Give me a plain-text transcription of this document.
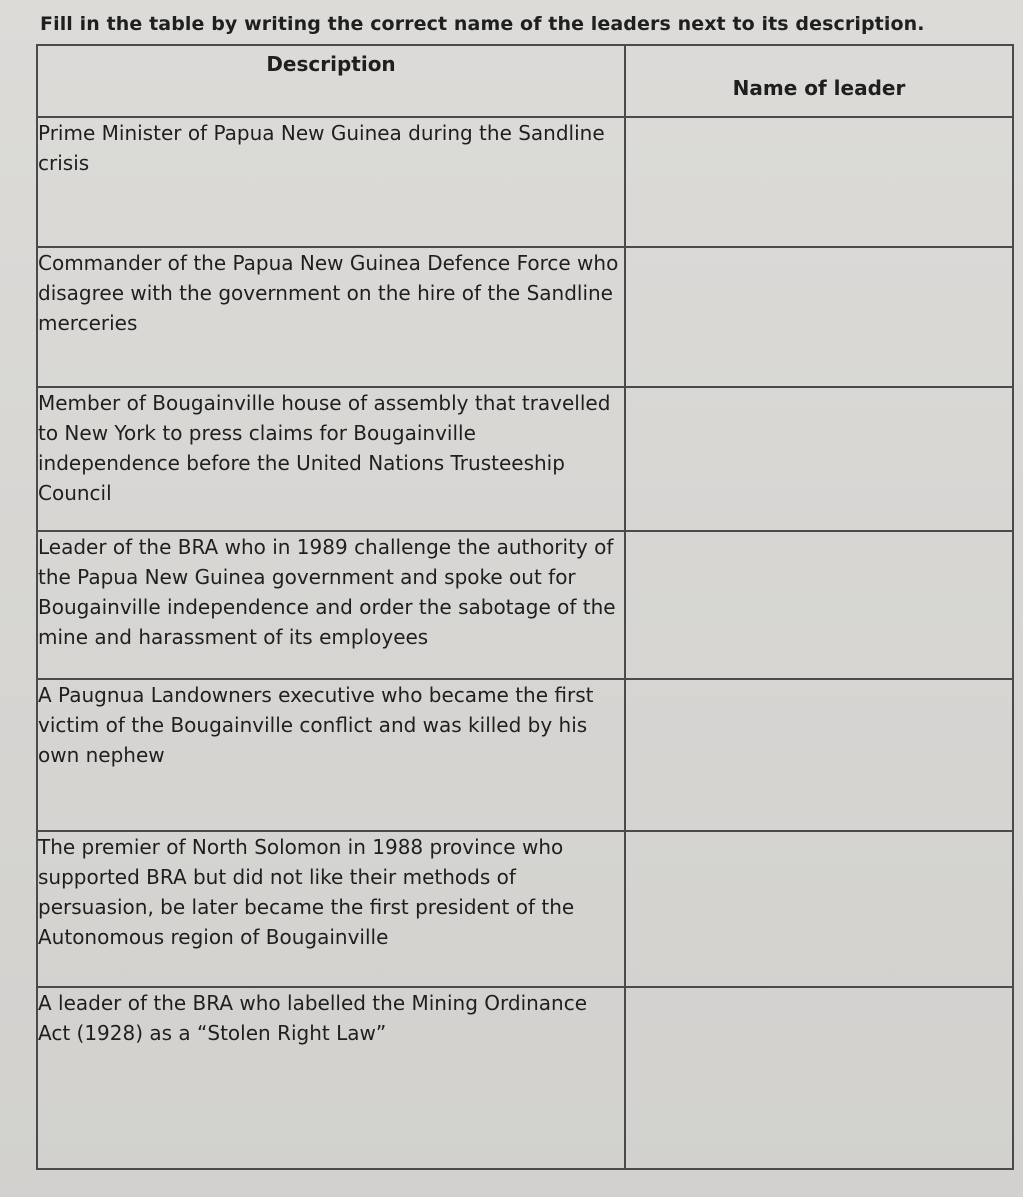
Fill in the table by writing the correct name of the leaders next to its description.
Description	Name of leader

Prime Minister of Papua New Guinea during the Sandline crisis	
Commander of the Papua New Guinea Defence Force who disagree with the government on the hire of the Sandline merceries	
Member of Bougainville house of assembly that travelled to New York to press claims for Bougainville independence before the United Nations Trusteeship Council	
Leader of the BRA who in 1989 challenge the authority of the Papua New Guinea government and spoke out for Bougainville independence and order the sabotage of the mine and harassment of its employees	
A Paugnua Landowners executive who became the first victim of the Bougainville conflict and was killed by his own nephew	
The premier of North Solomon in 1988 province who supported BRA but did not like their methods of persuasion, be later became the first president of the Autonomous region of Bougainville	
A leader of the BRA who labelled the Mining Ordinance Act (1928) as a “Stolen Right Law”	
